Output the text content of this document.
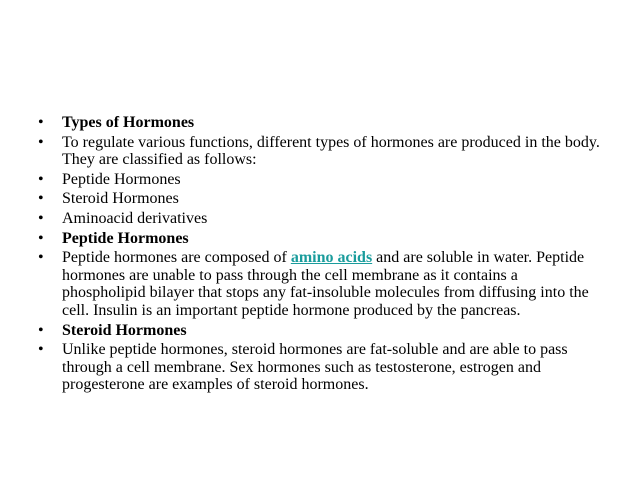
• Types of Hormones
• To regulate various functions, different types of hormones are produced in the body. They are classified as follows:
• Peptide Hormones
• Steroid Hormones
• Aminoacid derivatives
• Peptide Hormones
• Peptide hormones are composed of amino acids and are soluble in water. Peptide hormones are unable to pass through the cell membrane as it contains a phospholipid bilayer that stops any fat-insoluble molecules from diffusing into the cell. Insulin is an important peptide hormone produced by the pancreas.
• Steroid Hormones
• Unlike peptide hormones, steroid hormones are fat-soluble and are able to pass through a cell membrane. Sex hormones such as testosterone, estrogen and progesterone are examples of steroid hormones.
